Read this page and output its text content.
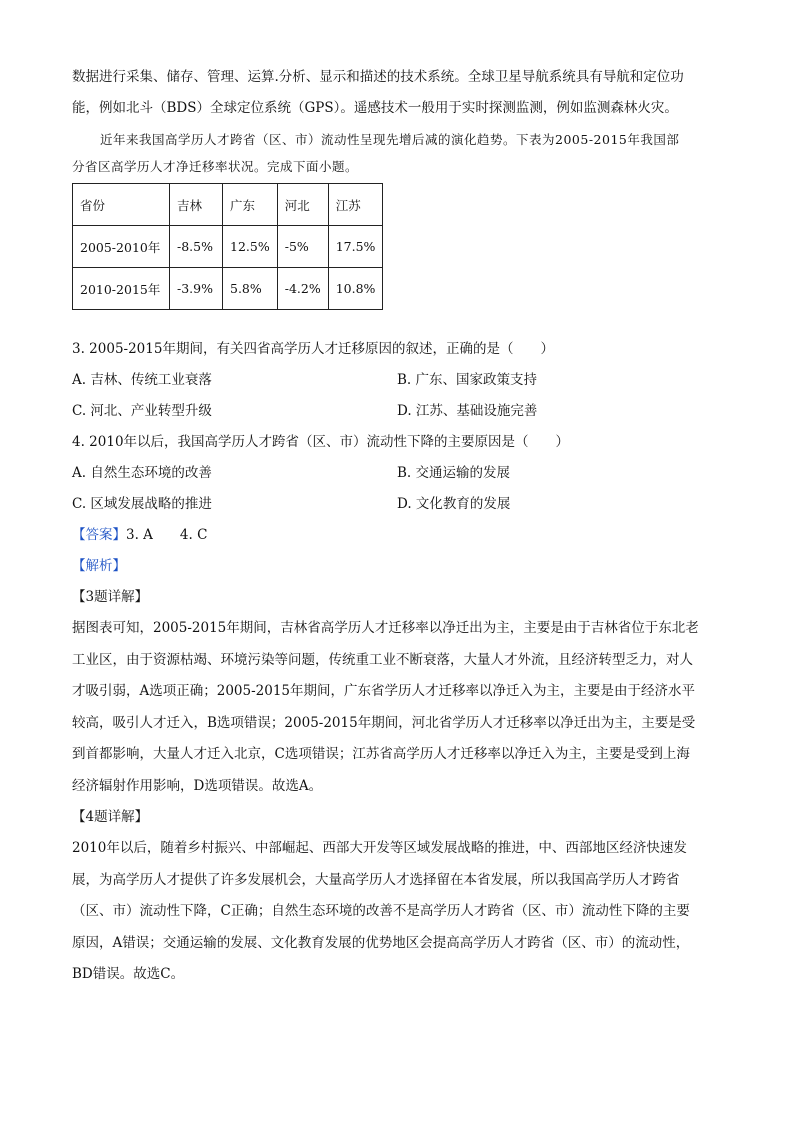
数据进行采集、储存、管理、运算.分析、显示和描述的技术系统。全球卫星导航系统具有导航和定位功

能，例如北斗（BDS）全球定位系统（GPS）。遥感技术一般用于实时探测监测，例如监测森林火灾。

近年来我国高学历人才跨省（区、市）流动性呈现先增后减的演化趋势。下表为2005-2015年我国部

分省区高学历人才净迁移率状况。完成下面小题。

省份	吉林	广东	河北	江苏
2005-2010年	-8.5%	12.5%	-5%	17.5%
2010-2015年	-3.9%	5.8%	-4.2%	10.8%

3. 2005-2015年期间，有关四省高学历人才迁移原因的叙述，正确的是（　　）

A. 吉林、传统工业衰落	B. 广东、国家政策支持
C. 河北、产业转型升级	D. 江苏、基础设施完善

4. 2010年以后，我国高学历人才跨省（区、市）流动性下降的主要原因是（　　）

A. 自然生态环境的改善	B. 交通运输的发展
C. 区域发展战略的推进	D. 文化教育的发展

【答案】3. A　　4. C

【解析】

【3题详解】

据图表可知，2005-2015年期间，吉林省高学历人才迁移率以净迁出为主，主要是由于吉林省位于东北老

工业区，由于资源枯竭、环境污染等问题，传统重工业不断衰落，大量人才外流，且经济转型乏力，对人

才吸引弱，A选项正确；2005-2015年期间，广东省学历人才迁移率以净迁入为主，主要是由于经济水平

较高，吸引人才迁入，B选项错误；2005-2015年期间，河北省学历人才迁移率以净迁出为主，主要是受

到首都影响，大量人才迁入北京，C选项错误；江苏省高学历人才迁移率以净迁入为主，主要是受到上海

经济辐射作用影响，D选项错误。故选A。

【4题详解】

2010年以后，随着乡村振兴、中部崛起、西部大开发等区域发展战略的推进，中、西部地区经济快速发

展，为高学历人才提供了许多发展机会，大量高学历人才选择留在本省发展，所以我国高学历人才跨省

（区、市）流动性下降，C正确；自然生态环境的改善不是高学历人才跨省（区、市）流动性下降的主要

原因，A错误；交通运输的发展、文化教育发展的优势地区会提高高学历人才跨省（区、市）的流动性，

BD错误。故选C。
